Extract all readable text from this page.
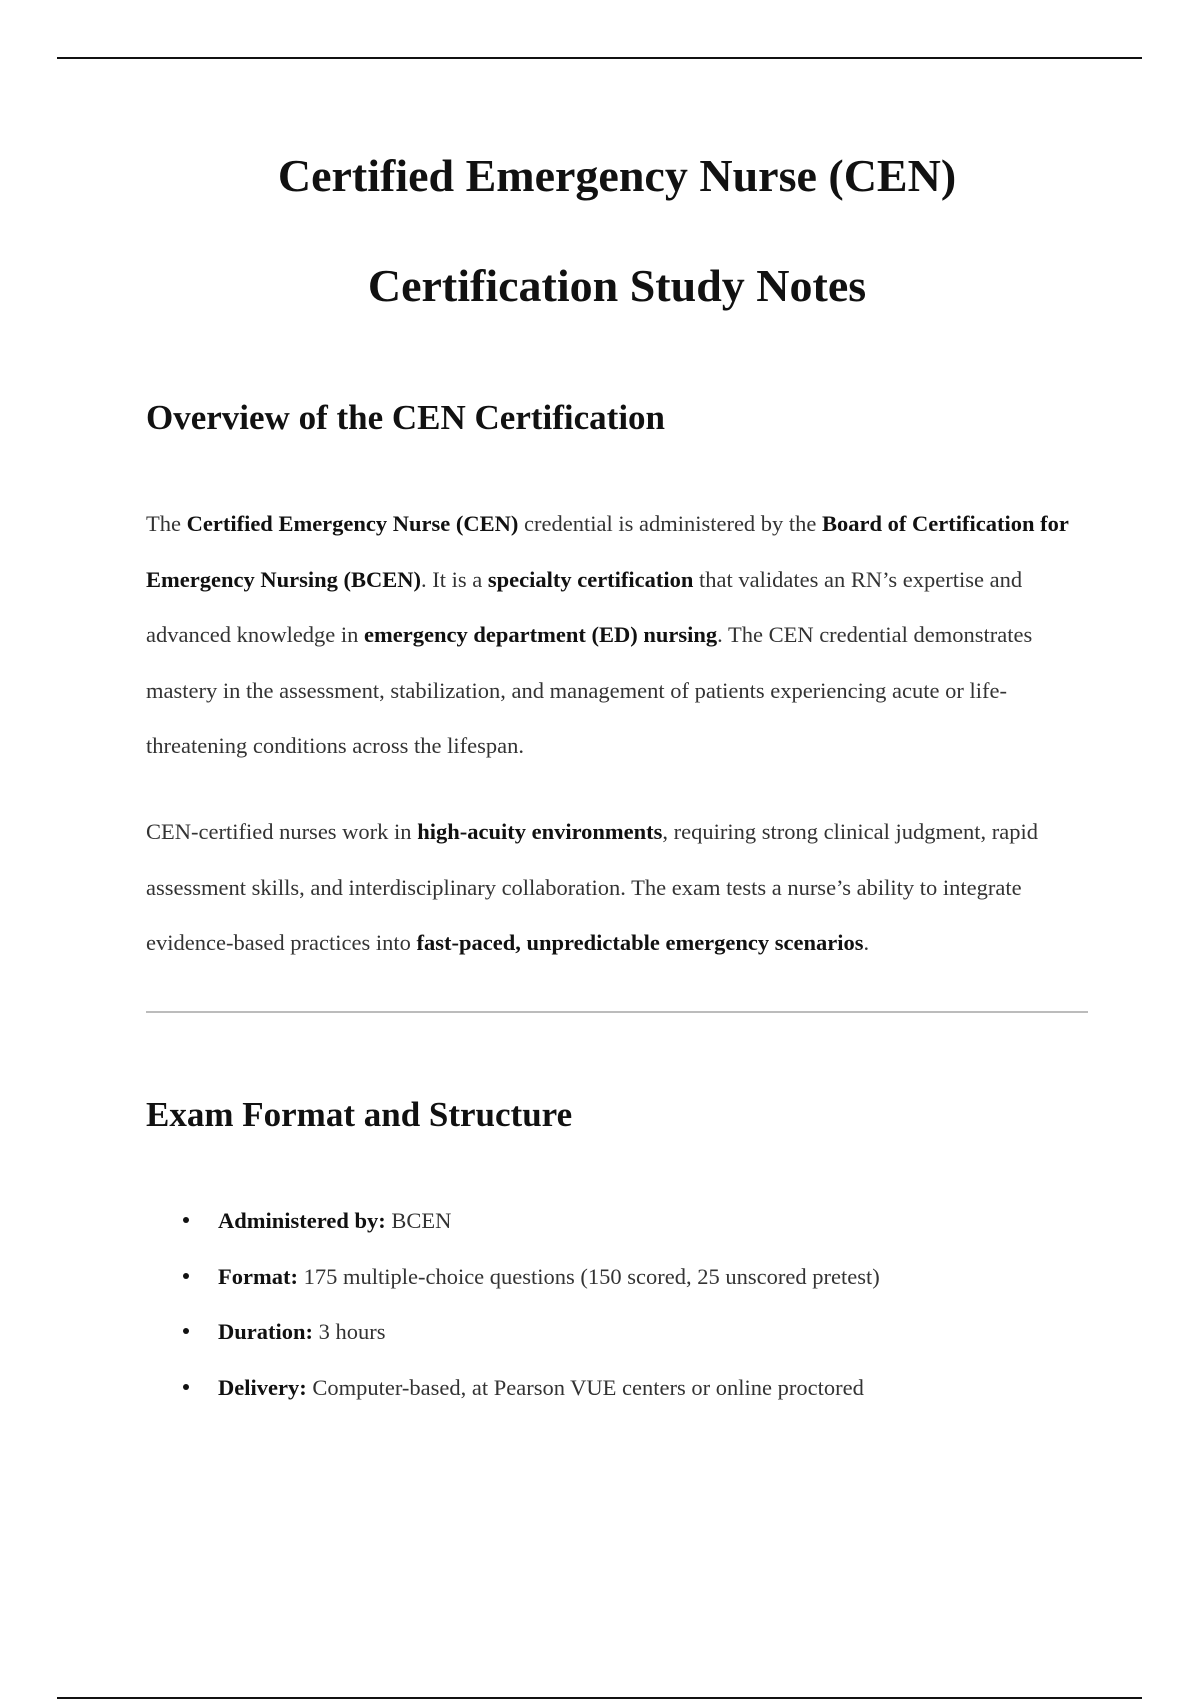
Certified Emergency Nurse (CEN)
Certification Study Notes
Overview of the CEN Certification

The Certified Emergency Nurse (CEN) credential is administered by the Board of Certification for Emergency Nursing (BCEN). It is a specialty certification that validates an RN’s expertise and advanced knowledge in emergency department (ED) nursing. The CEN credential demonstrates mastery in the assessment, stabilization, and management of patients experiencing acute or life-threatening conditions across the lifespan.

CEN-certified nurses work in high-acuity environments, requiring strong clinical judgment, rapid assessment skills, and interdisciplinary collaboration. The exam tests a nurse’s ability to integrate evidence-based practices into fast-paced, unpredictable emergency scenarios.

Exam Format and Structure
Administered by: BCEN
Format: 175 multiple-choice questions (150 scored, 25 unscored pretest)
Duration: 3 hours
Delivery: Computer-based, at Pearson VUE centers or online proctored
